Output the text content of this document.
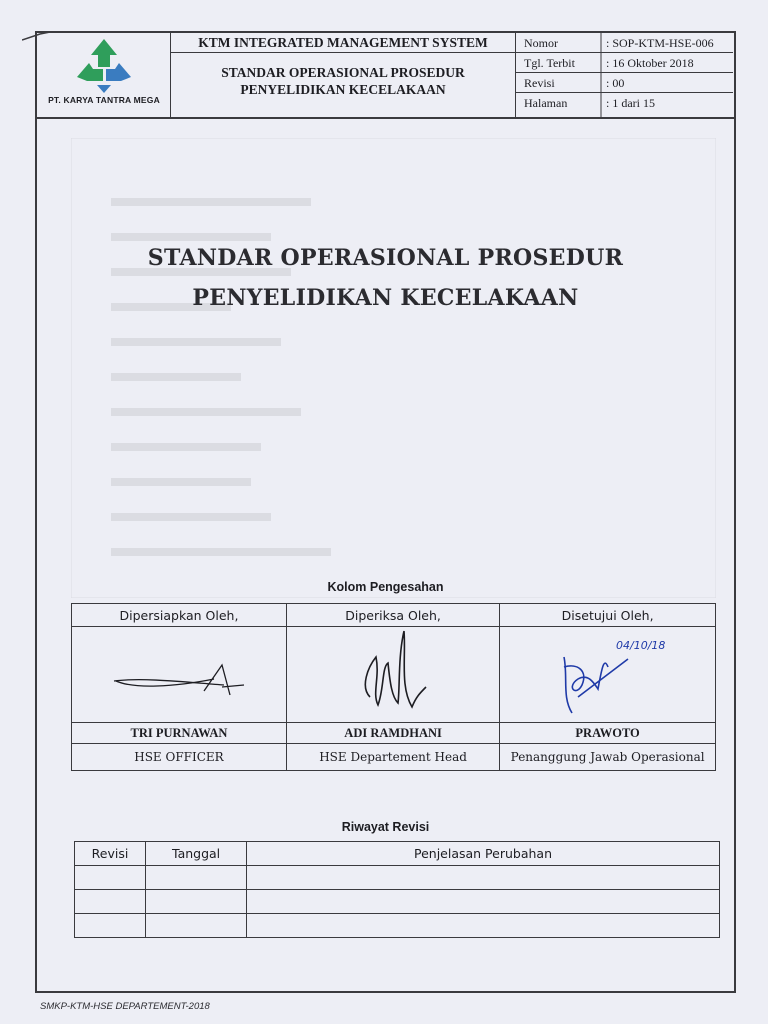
PT. KARYA TANTRA MEGA
KTM INTEGRATED MANAGEMENT SYSTEM
STANDAR OPERASIONAL PROSEDUR
PENYELIDIKAN KECELAKAAN
Nomor	: SOP-KTM-HSE-006
Tgl. Terbit	: 16 Oktober 2018
Revisi	: 00
Halaman	: 1 dari 15
STANDAR OPERASIONAL PROSEDUR
PENYELIDIKAN KECELAKAAN
Kolom Pengesahan
Dipersiapkan Oleh,	Diperiksa Oleh,	Disetujui Oleh,

04/10/18

TRI PURNAWAN	ADI RAMDHANI	PRAWOTO
HSE OFFICER	HSE Departement Head	Penanggung Jawab Operasional
Riwayat Revisi
Revisi	Tanggal	Penjelasan Perubahan

SMKP-KTM-HSE DEPARTEMENT-2018
